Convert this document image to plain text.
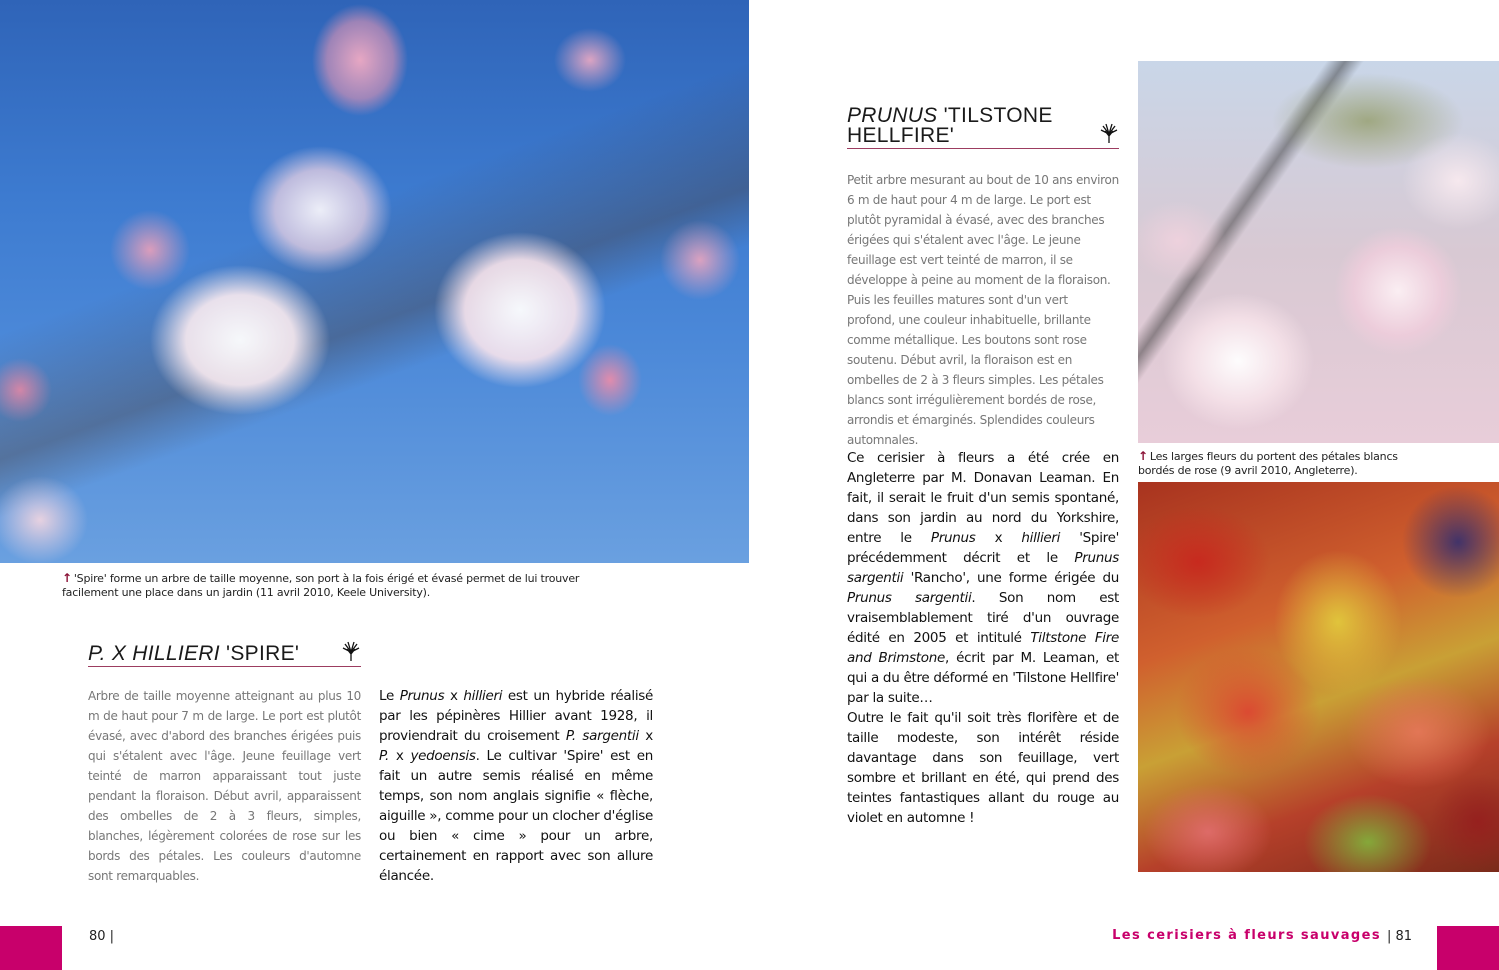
↑ 'Spire' forme un arbre de taille moyenne, son port à la fois érigé et évasé permet de lui trouver facilement une place dans un jardin (11 avril 2010, Keele University).
P. X HILLIERI 'SPIRE'
Arbre de taille moyenne atteignant au plus 10 m de haut pour 7 m de large. Le port est plutôt évasé, avec d'abord des branches érigées puis qui s'étalent avec l'âge. Jeune feuillage vert teinté de marron apparaissant tout juste pendant la floraison. Début avril, apparaissent des ombelles de 2 à 3 fleurs, simples, blanches, légèrement colorées de rose sur les bords des pétales. Les couleurs d'automne sont remarquables.
Le Prunus x hillieri est un hybride réalisé par les pépinères Hillier avant 1928, il proviendrait du croisement P. sargentii x P. x yedoensis. Le cultivar 'Spire' est en fait un autre semis réalisé en même temps, son nom anglais signifie « flèche, aiguille », comme pour un clocher d'église ou bien « cime » pour un arbre, certainement en rapport avec son allure élancée.
80 |
PRUNUS 'TILSTONE HELLFIRE'
Petit arbre mesurant au bout de 10 ans environ 6 m de haut pour 4 m de large. Le port est plutôt pyramidal à évasé, avec des branches érigées qui s'étalent avec l'âge. Le jeune feuillage est vert teinté de marron, il se développe à peine au moment de la floraison. Puis les feuilles matures sont d'un vert profond, une couleur inhabituelle, brillante comme métallique. Les boutons sont rose soutenu. Début avril, la floraison est en ombelles de 2 à 3 fleurs simples. Les pétales blancs sont irrégulièrement bordés de rose, arrondis et émarginés. Splendides couleurs automnales.
Ce cerisier à fleurs a été crée en Angleterre par M. Donavan Leaman. En fait, il serait le fruit d'un semis spontané, dans son jardin au nord du Yorkshire, entre le Prunus x hillieri 'Spire' précédemment décrit et le Prunus sargentii 'Rancho', une forme érigée du Prunus sargentii. Son nom est vraisemblablement tiré d'un ouvrage édité en 2005 et intitulé Tiltstone Fire and Brimstone, écrit par M. Leaman, et qui a du être déformé en 'Tilstone Hellfire' par la suite…
Outre le fait qu'il soit très florifère et de taille modeste, son intérêt réside davantage dans son feuillage, vert sombre et brillant en été, qui prend des teintes fantastiques allant du rouge au violet en automne !
↑ Les larges fleurs du portent des pétales blancs bordés de rose (9 avril 2010, Angleterre).
Les cerisiers à fleurs sauvages | 81
